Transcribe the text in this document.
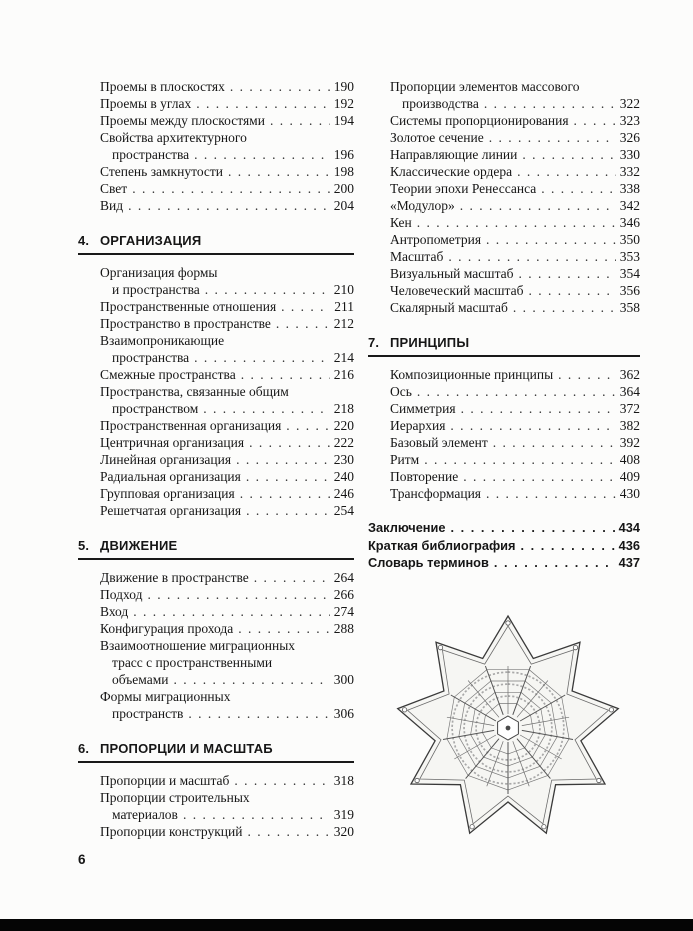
Проемы в плоскостях . . .	190
Проемы в углах . . .	192
Проемы между плоскостями . . .	194
Свойства архитектурного
пространства . . .	196
Степень замкнутости . . .	198
Свет . . .	200
Вид . . .	204
4. ОРГАНИЗАЦИЯ
Организация формы
и пространства . . .	210
Пространственные отношения . . .	211
Пространство в пространстве . . .	212
Взаимопроникающие
пространства . . .	214
Смежные пространства . . .	216
Пространства, связанные общим
пространством . . .	218
Пространственная организация . . .	220
Центричная организация . . .	222
Линейная организация . . .	230
Радиальная организация . . .	240
Групповая организация . . .	246
Решетчатая организация . . .	254
5. ДВИЖЕНИЕ
Движение в пространстве . . .	264
Подход . . .	266
Вход . . .	274
Конфигурация прохода . . .	288
Взаимоотношение миграционных
трасс с пространственными
объемами . . .	300
Формы миграционных
пространств . . .	306
6. ПРОПОРЦИИ И МАСШТАБ
Пропорции и масштаб . . .	318
Пропорции строительных
материалов . . .	319
Пропорции конструкций . . .	320
Пропорции элементов массового
производства . . .	322
Системы пропорционирования . . .	323
Золотое сечение . . .	326
Направляющие линии . . .	330
Классические ордера . . .	332
Теории эпохи Ренессанса . . .	338
«Модулор» . . .	342
Кен . . .	346
Антропометрия . . .	350
Масштаб . . .	353
Визуальный масштаб . . .	354
Человеческий масштаб . . .	356
Скалярный масштаб . . .	358
7. ПРИНЦИПЫ
Композиционные принципы . . .	362
Ось . . .	364
Симметрия . . .	372
Иерархия . . .	382
Базовый элемент . . .	392
Ритм . . .	408
Повторение . . .	409
Трансформация . . .	430
Заключение . . .	434
Краткая библиография . . .	436
Словарь терминов . . .	437
6
